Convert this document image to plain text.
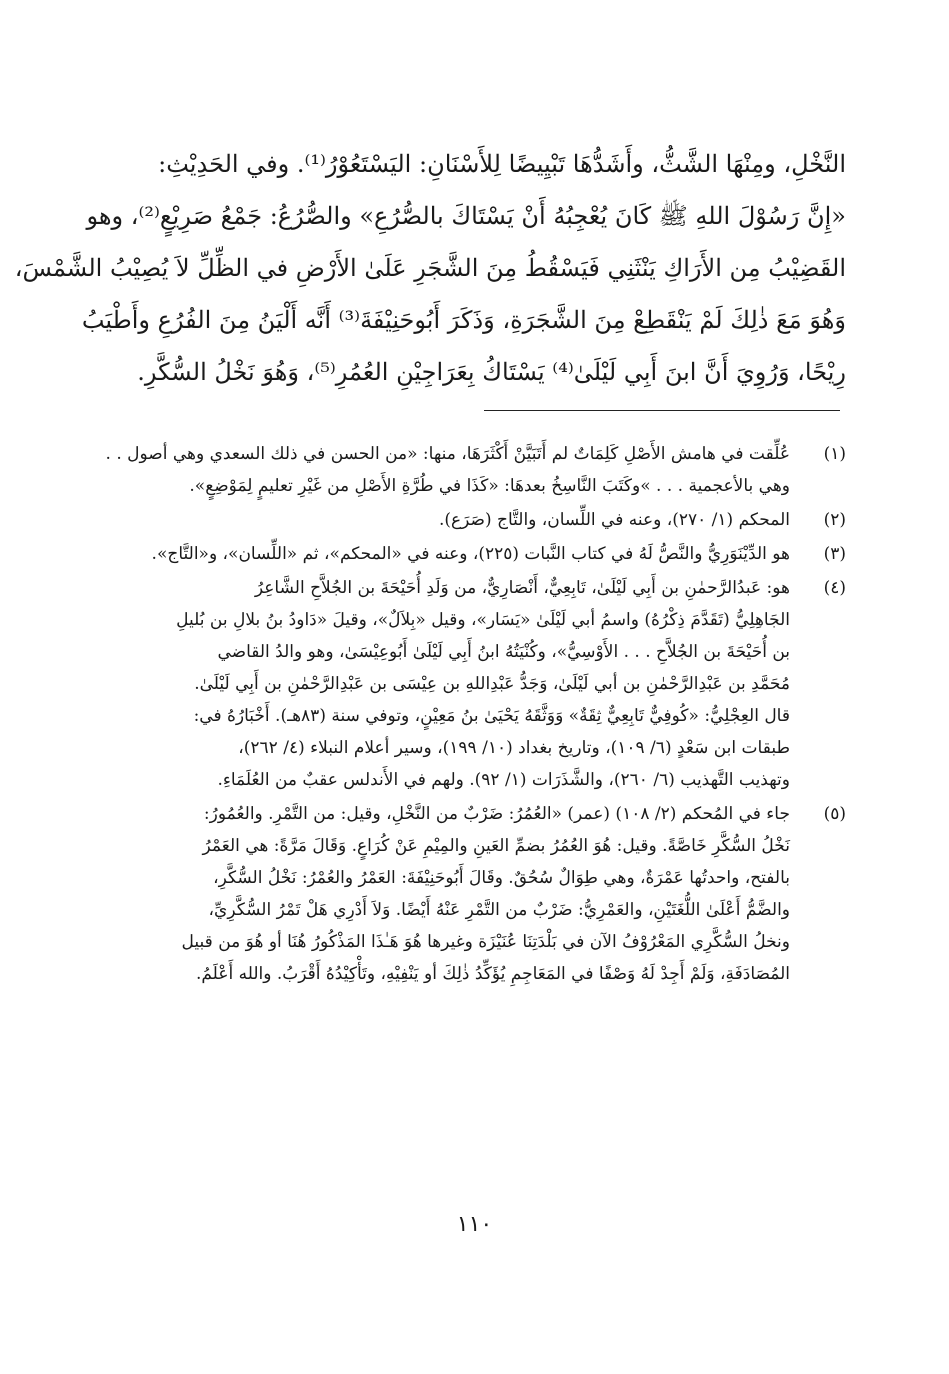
النَّخْلِ، ومِنْهَا الشَّثُّ، وأَشَدُّهَا تَبْيِيضًا لِلأَسْنَانِ: اليَسْتَعُوْرُ⁽¹⁾. وفي الحَدِيْثِ:
«إِنَّ رَسُوْلَ اللهِ ﷺ كَانَ يُعْجِبُهُ أَنْ يَسْتَاكَ بالصُّرُعِ» والصُّرُعُ: جَمْعُ صَرِيْعٍ⁽²⁾، وهو
القَضِيْبُ مِن الأَرَاكِ يَنْثَنِي فَيَسْقُطُ مِنَ الشَّجَرِ عَلَىٰ الأَرْضِ في الظِّلِّ لاَ يُصِيْبُ الشَّمْسَ،
وَهُوَ مَعَ ذٰلِكَ لَمْ يَنْقَطِعْ مِنَ الشَّجَرَةِ، وَذَكَرَ أَبُوحَنِيْفَةَ⁽³⁾ أَنَّه أَلْيَنُ مِنَ الفُرُعِ وأَطْيَبُ
رِيْحًا، وَرُوِيَ أَنَّ ابنَ أَبِي لَيْلَىٰ⁽⁴⁾ يَسْتَاكُ بِعَرَاجِيْنِ العُمُرِ⁽⁵⁾، وَهُوَ نَخْلُ السُّكَّرِ.
(١)
عُلِّقت في هامش الأَصْلِ كَلِمَاتٌ لم أَتَبَيَّنْ أَكْثَرَهَا، منها: «من الحسن في ذلك السعدي وهي أصول . .
وهي بالأعجمية . . . »وكَتَبَ النَّاسِخُ بعدهَا: «كَذَا في طُرَّةِ الأَصْلِ من غَيْرِ تعليمٍ لِمَوْضِعٍ».
(٢)
المحكم (١/ ٢٧٠)، وعنه في اللِّسان، والتَّاج (صَرَع).
(٣)
هو الدِّيْنَوَرِيُّ والنَّصُّ لَهُ في كتاب النَّبات (٢٢٥)، وعنه في «المحكم»، ثم «اللِّسان»، و«التَّاج».
(٤)
هو: عَبدُالرَّحمٰنِ بن أَبِي لَيْلَىٰ، تَابِعِيٌّ، أَنْصَارِيٌّ، من وَلَدِ أُحَيْحَةَ بن الجُلاَّحِ الشَّاعِرُ
الجَاهِلِيُّ (تَقَدَّمَ ذِكْرُهُ) واسمُ أبي لَيْلَىٰ «يَسَار»، وقيل «بِلاَلٌ»، وقيلَ «دَاودُ بنُ بلالِ بن بُليلِ
بن أُحَيْحَةَ بن الجُلاَّحِ . . . الأَوْسِيُّ»، وكُنْيَتُهُ ابنُ أَبِي لَيْلَىٰ أَبُوعِيْسَىٰ، وهو والدُ القاضي
مُحَمَّدِ بن عَبْدِالرَّحْمٰنِ بن أبي لَيْلَىٰ، وَجَدُّ عَبْدِاللهِ بن عِيْسَى بن عَبْدِالرَّحْمٰنِ بن أَبِي لَيْلَىٰ.
قال العِجْلِيُّ: «كُوفِيٌّ تَابِعِيٌّ ثِقَةٌ» وَوَثَّقَهُ يَحْيَىٰ بنُ مَعِيْنٍ، وتوفي سنة (٨٣هـ). أَخْبَارُهُ في:
طبقات ابن سَعْدٍ (٦/ ١٠٩)، وتاريخ بغداد (١٠/ ١٩٩)، وسير أعلام النبلاء (٤/ ٢٦٢)،
وتهذيب التَّهذيب (٦/ ٢٦٠)، والشَّذَرَات (١/ ٩٢). ولهم في الأَندلس عقبٌ من العُلَمَاءِ.
(٥)
جاء في المُحكم (٢/ ١٠٨) (عمر) «العُمُرُ: ضَرْبٌ من النَّخْلِ، وقيل: من التَّمْرِ. والعُمُورُ:
نَخْلُ السُّكَّرِ خَاصَّةً. وقيل: هُوَ العُمُرُ بضمِّ العَينِ والمِيْمِ عَنْ كُرَاعٍ. وَقَالَ مَرَّةً: هي العَمْرُ
بالفتح، واحدتُها عَمْرَةٌ، وهي طِوَالٌ سُحُقٌ. وقَالَ أَبُوحَنِيْفَةَ: العَمْرُ والعُمْرُ: نَخْلُ السُّكَّرِ،
والضَّمُّ أَعْلَىٰ اللُّغَتَيْنِ، والعَمْرِيُّ: ضَرْبٌ من التَّمْرِ عَنْهُ أَيْضًا. وَلاَ أَدْرِي هَلْ تَمْرُ السُّكَّرِيِّ،
ونخلُ السُّكَّرِي المَعْرُوْفُ الآن في بَلْدَتِنَا عُنَيْزَة وغيرها هُوَ هَـٰذَا المَذْكُورُ هُنَا أو هُوَ من قبيل
المُصَادَفَةِ، وَلَمْ أَجِدْ لَهُ وَصْفًا في المَعَاجِمِ يُؤَكِّدُ ذٰلِكَ أو يَنْفِيْهِ، وتَأْكِيْدُهُ أَقْرَبُ. والله أَعْلَمُ.
١١٠
